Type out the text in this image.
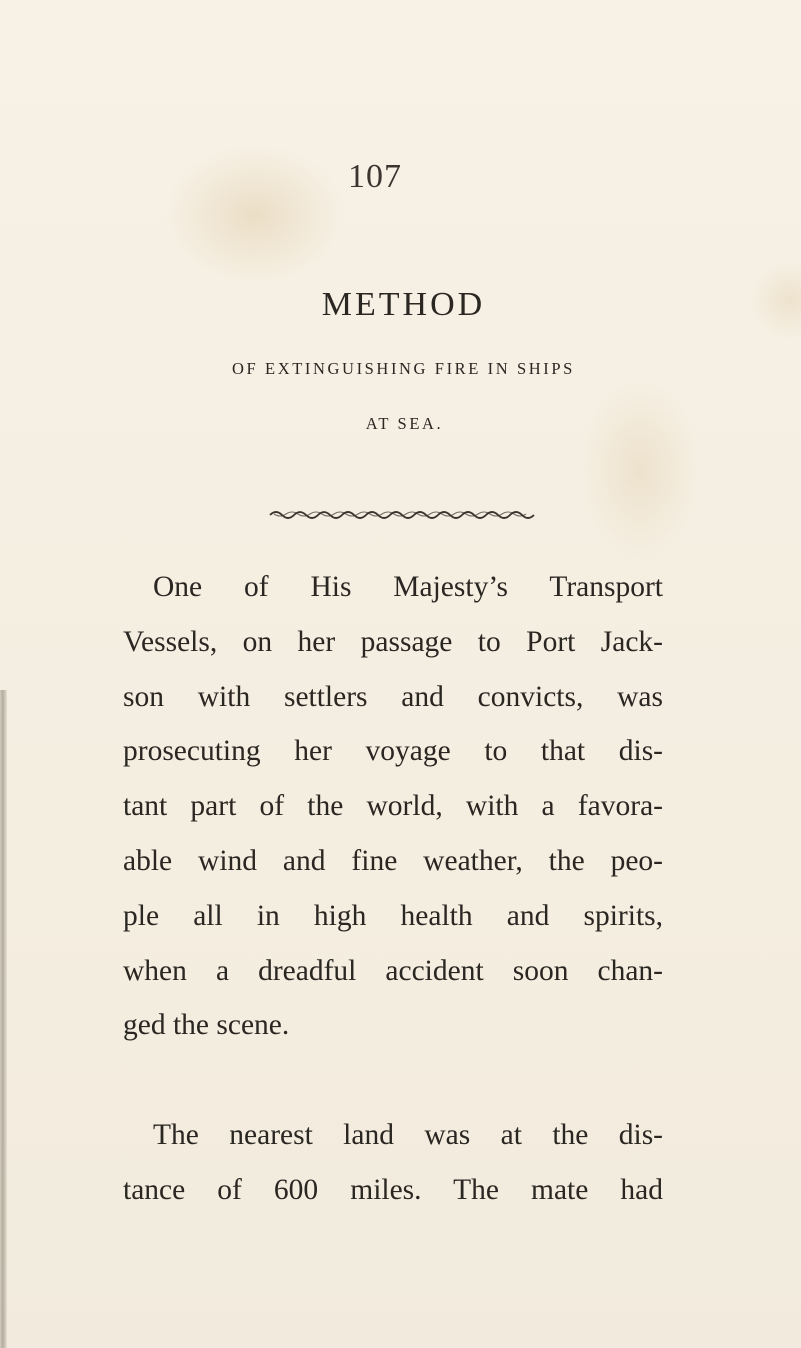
107
METHOD
OF EXTINGUISHING FIRE IN SHIPS
AT SEA.

One of His Majesty’s Transport
Vessels, on her passage to Port Jack-
son with settlers and convicts, was
prosecuting her voyage to that dis-
tant part of the world, with a favora-
able wind and fine weather, the peo-
ple all in high health and spirits,
when a dreadful accident soon chan-
ged the scene.

The nearest land was at the dis-
tance of 600 miles. The mate had
